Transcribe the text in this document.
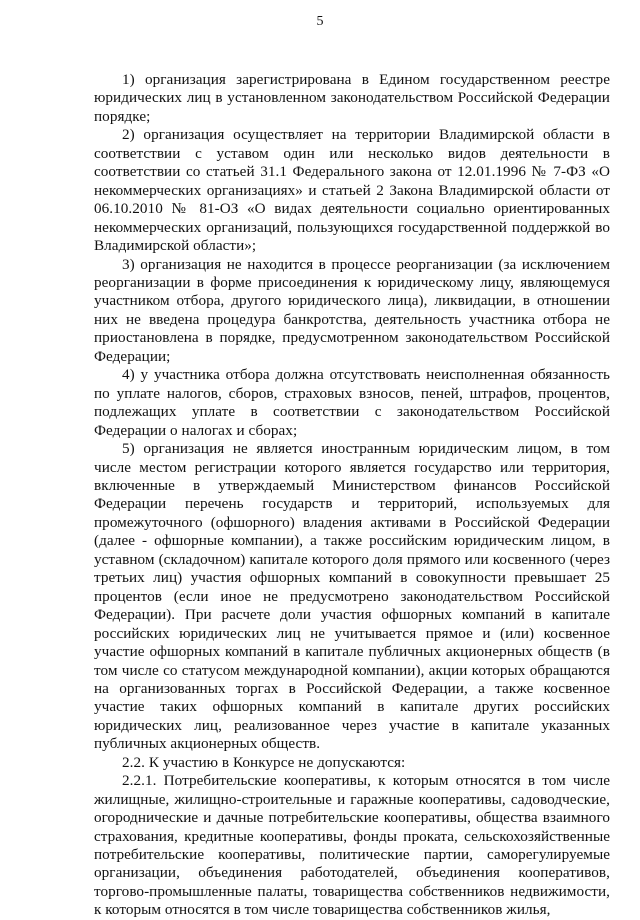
5

1) организация зарегистрирована в Едином государственном реестре юридических лиц в установленном законодательством Российской Федерации порядке;

2) организация осуществляет на территории Владимирской области в соответствии с уставом один или несколько видов деятельности в соответствии со статьей 31.1 Федерального закона от 12.01.1996 № 7-ФЗ «О некоммерческих организациях» и статьей 2 Закона Владимирской области от 06.10.2010 № 81-ОЗ «О видах деятельности социально ориентированных некоммерческих организаций, пользующихся государственной поддержкой во Владимирской области»;

3) организация не находится в процессе реорганизации (за исключением реорганизации в форме присоединения к юридическому лицу, являющемуся участником отбора, другого юридического лица), ликвидации, в отношении них не введена процедура банкротства, деятельность участника отбора не приостановлена в порядке, предусмотренном законодательством Российской Федерации;

4) у участника отбора должна отсутствовать неисполненная обязанность по уплате налогов, сборов, страховых взносов, пеней, штрафов, процентов, подлежащих уплате в соответствии с законодательством Российской Федерации о налогах и сборах;

5) организация не является иностранным юридическим лицом, в том числе местом регистрации которого является государство или территория, включенные в утверждаемый Министерством финансов Российской Федерации перечень государств и территорий, используемых для промежуточного (офшорного) владения активами в Российской Федерации (далее - офшорные компании), а также российским юридическим лицом, в уставном (складочном) капитале которого доля прямого или косвенного (через третьих лиц) участия офшорных компаний в совокупности превышает 25 процентов (если иное не предусмотрено законодательством Российской Федерации). При расчете доли участия офшорных компаний в капитале российских юридических лиц не учитывается прямое и (или) косвенное участие офшорных компаний в капитале публичных акционерных обществ (в том числе со статусом международной компании), акции которых обращаются на организованных торгах в Российской Федерации, а также косвенное участие таких офшорных компаний в капитале других российских юридических лиц, реализованное через участие в капитале указанных публичных акционерных обществ.

2.2. К участию в Конкурсе не допускаются:

2.2.1. Потребительские кооперативы, к которым относятся в том числе жилищные, жилищно-строительные и гаражные кооперативы, садоводческие, огороднические и дачные потребительские кооперативы, общества взаимного страхования, кредитные кооперативы, фонды проката, сельскохозяйственные потребительские кооперативы, политические партии, саморегулируемые организации, объединения работодателей, объединения кооперативов, торгово-промышленные палаты, товарищества собственников недвижимости, к которым относятся в том числе товарищества собственников жилья,
